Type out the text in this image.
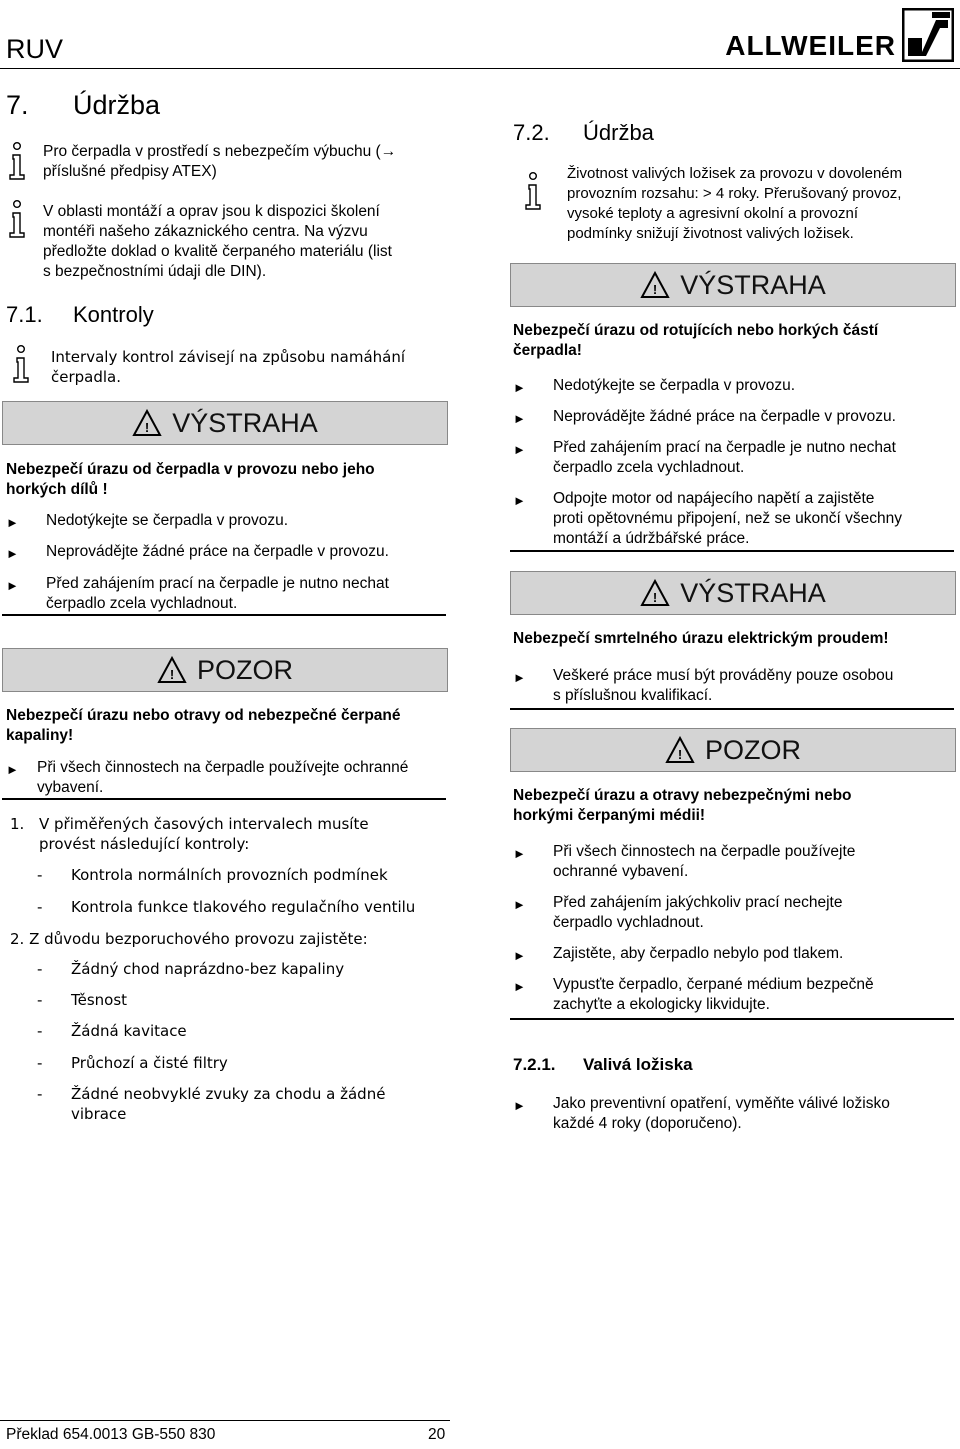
RUV	ALLWEILER
7. Údržba
Pro čerpadla v prostředí s nebezpečím výbuchu (→
příslušné předpisy ATEX)
V oblasti montáží a oprav jsou k dispozici školení
montéři našeho zákaznického centra. Na výzvu
předložte doklad o kvalitě čerpaného materiálu (list
s bezpečnostními údaji dle DIN).
7.1. Kontroly
Intervaly kontrol závisejí na způsobu namáhání
čerpadla.
! VÝSTRAHA
Nebezpečí úrazu od čerpadla v provozu nebo jeho
horkých dílů !
►	Nedotýkejte se čerpadla v provozu.
►	Neprovádějte žádné práce na čerpadle v provozu.
►	Před zahájením prací na čerpadle je nutno nechat
čerpadlo zcela vychladnout.
! POZOR
Nebezpečí úrazu nebo otravy od nebezpečné čerpané
kapaliny!
►	Při všech činnostech na čerpadle používejte ochranné
vybavení.
1. V přiměřených časových intervalech musíte
provést následující kontroly:
- Kontrola normálních provozních podmínek
- Kontrola funkce tlakového regulačního ventilu
2. Z důvodu bezporuchového provozu zajistěte:
- Žádný chod naprázdno-bez kapaliny
- Těsnost
- Žádná kavitace
- Průchozí a čisté filtry
- Žádné neobvyklé zvuky za chodu a žádné
vibrace
7.2. Údržba
Životnost valivých ložisek za provozu v dovoleném
provozním rozsahu: > 4 roky. Přerušovaný provoz,
vysoké teploty a agresivní okolní a provozní
podmínky snižují životnost valivých ložisek.
! VÝSTRAHA
Nebezpečí úrazu od rotujících nebo horkých částí
čerpadla!
►	Nedotýkejte se čerpadla v provozu.
►	Neprovádějte žádné práce na čerpadle v provozu.
►	Před zahájením prací na čerpadle je nutno nechat
čerpadlo zcela vychladnout.
►	Odpojte motor od napájecího napětí a zajistěte
proti opětovnému připojení, než se ukončí všechny
montáží a údržbářské práce.
! VÝSTRAHA
Nebezpečí smrtelného úrazu elektrickým proudem!
►	Veškeré práce musí být prováděny pouze osobou
s příslušnou kvalifikací.
! POZOR
Nebezpečí úrazu a otravy nebezpečnými nebo
horkými čerpanými médii!
►	Při všech činnostech na čerpadle používejte
ochranné vybavení.
►	Před zahájením jakýchkoliv prací nechejte
čerpadlo vychladnout.
►	Zajistěte, aby čerpadlo nebylo pod tlakem.
►	Vypusťte čerpadlo, čerpané médium bezpečně
zachyťte a ekologicky likvidujte.
7.2.1. Valivá ložiska
►	Jako preventivní opatření, vyměňte válivé ložisko
každé 4 roky (doporučeno).
Překlad 654.0013 GB-550 830	20
